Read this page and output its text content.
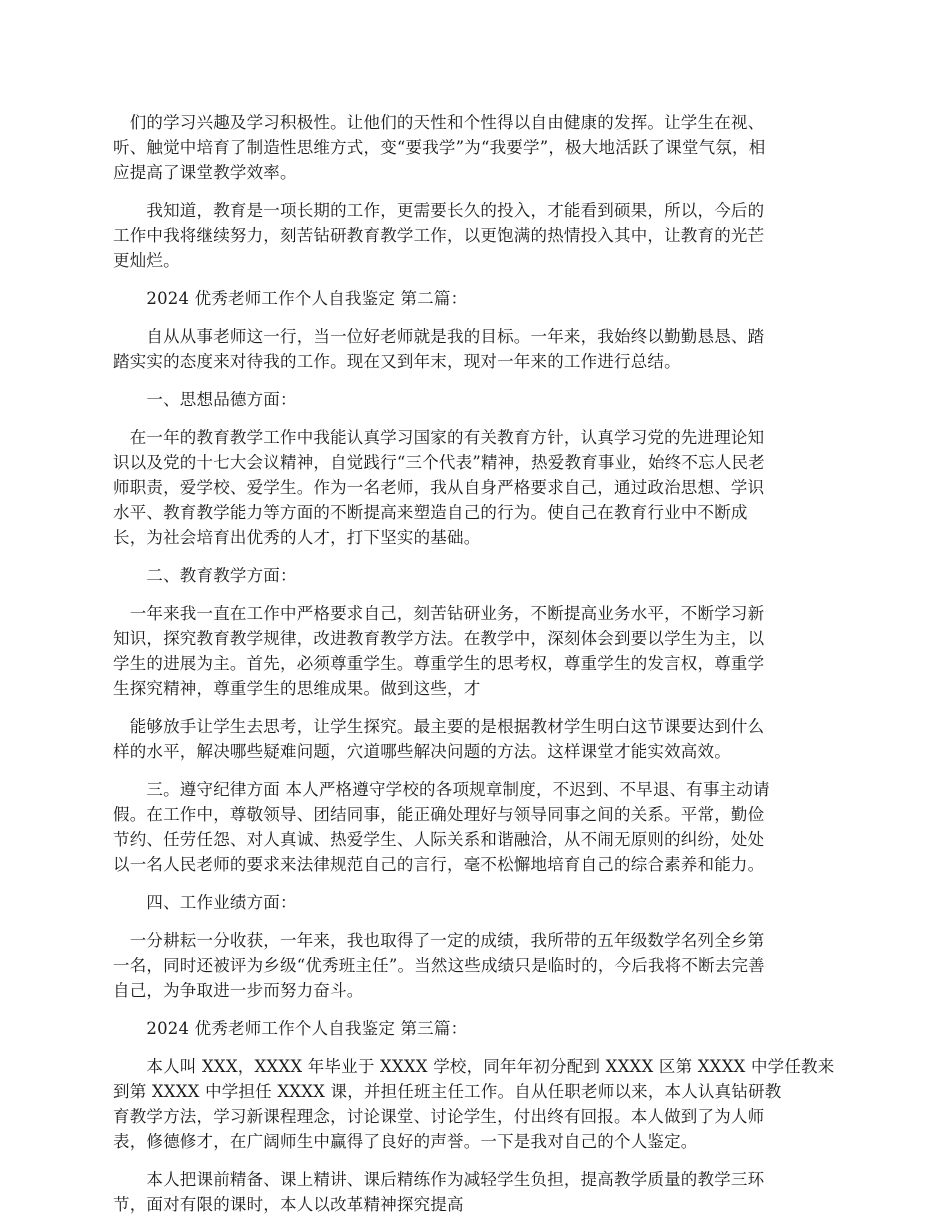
　们的学习兴趣及学习积极性。让他们的天性和个性得以自由健康的发挥。让学生在视、
听、触觉中培育了制造性思维方式，变“要我学”为“我要学”，极大地活跃了课堂气氛，相
应提高了课堂教学效率。

　　我知道，教育是一项长期的工作，更需要长久的投入，才能看到硕果，所以，今后的
工作中我将继续努力，刻苦钻研教育教学工作，以更饱满的热情投入其中，让教育的光芒
更灿烂。

　　2024 优秀老师工作个人自我鉴定 第二篇：

　　自从从事老师这一行，当一位好老师就是我的目标。一年来，我始终以勤勤恳恳、踏
踏实实的态度来对待我的工作。现在又到年末，现对一年来的工作进行总结。

　　一、思想品德方面：

　在一年的教育教学工作中我能认真学习国家的有关教育方针，认真学习党的先进理论知
识以及党的十七大会议精神，自觉践行“三个代表”精神，热爱教育事业，始终不忘人民老
师职责，爱学校、爱学生。作为一名老师，我从自身严格要求自己，通过政治思想、学识
水平、教育教学能力等方面的不断提高来塑造自己的行为。使自己在教育行业中不断成
长，为社会培育出优秀的人才，打下坚实的基础。

　　二、教育教学方面：

　一年来我一直在工作中严格要求自己，刻苦钻研业务，不断提高业务水平，不断学习新
知识，探究教育教学规律，改进教育教学方法。在教学中，深刻体会到要以学生为主，以
学生的进展为主。首先，必须尊重学生。尊重学生的思考权，尊重学生的发言权，尊重学
生探究精神，尊重学生的思维成果。做到这些，才

　能够放手让学生去思考，让学生探究。最主要的是根据教材学生明白这节课要达到什么
样的水平，解决哪些疑难问题，穴道哪些解决问题的方法。这样课堂才能实效高效。

　　三。遵守纪律方面 本人严格遵守学校的各项规章制度，不迟到、不早退、有事主动请
假。在工作中，尊敬领导、团结同事，能正确处理好与领导同事之间的关系。平常，勤俭
节约、任劳任怨、对人真诚、热爱学生、人际关系和谐融洽，从不闹无原则的纠纷，处处
以一名人民老师的要求来法律规范自己的言行，毫不松懈地培育自己的综合素养和能力。

　　四、工作业绩方面：

　一分耕耘一分收获，一年来，我也取得了一定的成绩，我所带的五年级数学名列全乡第
一名，同时还被评为乡级“优秀班主任”。当然这些成绩只是临时的，今后我将不断去完善
自己，为争取进一步而努力奋斗。

　　2024 优秀老师工作个人自我鉴定 第三篇：

　　本人叫 XXX，XXXX 年毕业于 XXXX 学校，同年年初分配到 XXXX 区第 XXXX 中学任教来
到第 XXXX 中学担任 XXXX 课，并担任班主任工作。自从任职老师以来，本人认真钻研教
育教学方法，学习新课程理念，讨论课堂、讨论学生，付出终有回报。本人做到了为人师
表，修德修才，在广阔师生中赢得了良好的声誉。一下是我对自己的个人鉴定。

　　本人把课前精备、课上精讲、课后精练作为减轻学生负担，提高教学质量的教学三环
节，面对有限的课时，本人以改革精神探究提高
